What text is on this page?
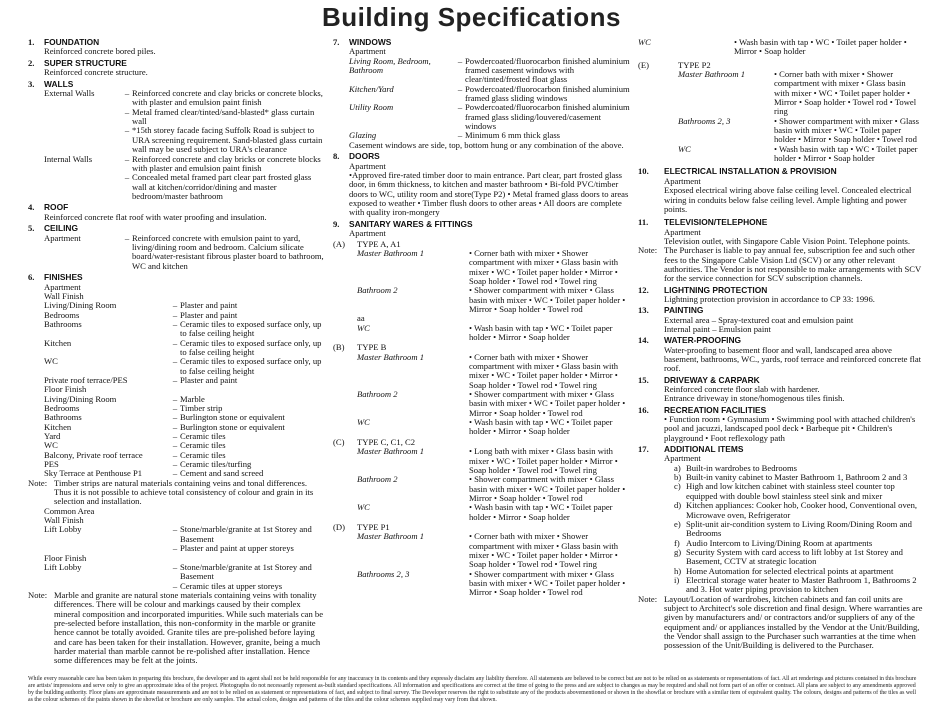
Building Specifications
1.	FOUNDATION
Reinforced concrete bored piles.
2.	SUPER STRUCTURE
Reinforced concrete structure.
3.	WALLS
External Walls	– Reinforced concrete and clay bricks or concrete blocks, with plaster and emulsion paint finish
– Metal framed clear/tinted/sand-blasted* glass curtain wall
– *15th storey facade facing Suffolk Road is subject to URA screening requirement. Sand-blasted glass curtain wall may be used subject to URA's clearance
Internal Walls	– Reinforced concrete and clay bricks or concrete blocks with plaster and emulsion paint finish
– Concealed metal framed part clear part frosted glass wall at kitchen/corridor/dining and master bedroom/master bathroom
4.	ROOF
Reinforced concrete flat roof with water proofing and insulation.
5.	CEILING
Apartment	– Reinforced concrete with emulsion paint to yard, living/dining room and bedroom. Calcium silicate board/water-resistant fibrous plaster board to bathroom, WC and kitchen
6.	FINISHES
Apartment
Wall Finish
Living/Dining Room	– Plaster and paint
Bedrooms	– Plaster and paint
Bathrooms	– Ceramic tiles to exposed surface only, up to false ceiling height
Kitchen	– Ceramic tiles to exposed surface only, up to false ceiling height
WC	– Ceramic tiles to exposed surface only, up to false ceiling height
Private roof terrace/PES	– Plaster and paint
Floor Finish
Living/Dining Room	– Marble
Bedrooms	– Timber strip
Bathrooms	– Burlington stone or equivalent
Kitchen	– Burlington stone or equivalent
Yard	– Ceramic tiles
WC	– Ceramic tiles
Balcony, Private roof terrace	– Ceramic tiles
PES	– Ceramic tiles/turfing
Sky Terrace at Penthouse P1	– Cement and sand screed
Note: Timber strips are natural materials containing veins and tonal differences. Thus it is not possible to achieve total consistency of colour and grain in its selection and installation.
Common Area
Wall Finish
Lift Lobby	– Stone/marble/granite at 1st Storey and Basement
– Plaster and paint at upper storeys
Floor Finish
Lift Lobby	– Stone/marble/granite at 1st Storey and Basement
– Ceramic tiles at upper storeys
Note: Marble and granite are natural stone materials containing veins with tonality differences. There will be colour and markings caused by their complex mineral composition and incorporated impurities. While such materials can be pre-selected before installation, this non-conformity in the marble or granite hence cannot be totally avoided. Granite tiles are pre-polished before laying and care has been taken for their installation. However, granite, being a much harder material than marble cannot be re-polished after installation. Hence some differences may be felt at the joints.
7.	WINDOWS
Apartment
Living Room, Bedroom, Bathroom
– Powdercoated/fluorocarbon finished aluminium framed casement windows with clear/tinted/frosted float glass
Kitchen/Yard	– Powdercoated/fluorocarbon finished aluminium framed glass sliding windows
Utility Room	– Powdercoated/fluorocarbon finished aluminium framed glass sliding/louvered/casement windows
Glazing	– Minimum 6 mm thick glass
Casement windows are side, top, bottom hung or any combination of the above.
8.	DOORS
Apartment
•Approved fire-rated timber door to main entrance. Part clear, part frosted glass door, in 6mm thickness, to kitchen and master bathroom • Bi-fold PVC/timber doors to WC, utility room and store(Type P2) • Metal framed glass doors to areas exposed to weather • Timber flush doors to other areas • All doors are complete with quality iron-mongery
9.	SANITARY WARES & FITTINGS
Apartment
(A)	TYPE A, A1
Master Bathroom 1	• Corner bath with mixer • Shower compartment with mixer • Glass basin with mixer • WC • Toilet paper holder • Mirror • Soap holder • Towel rod • Towel ring
Bathroom 2	• Shower compartment with mixer • Glass basin with mixer • WC • Toilet paper holder • Mirror • Soap holder • Towel rod
aa
WC	• Wash basin with tap • WC • Toilet paper holder • Mirror • Soap holder
(B)	TYPE B
Master Bathroom 1	• Corner bath with mixer • Shower compartment with mixer • Glass basin with mixer • WC • Toilet paper holder • Mirror • Soap holder • Towel rod • Towel ring
Bathroom 2	• Shower compartment with mixer • Glass basin with mixer • WC • Toilet paper holder • Mirror • Soap holder • Towel rod
WC	• Wash basin with tap • WC • Toilet paper holder • Mirror • Soap holder
(C)	TYPE C, C1, C2
Master Bathroom 1	• Long bath with mixer • Glass basin with mixer • WC • Toilet paper holder • Mirror • Soap holder • Towel rod • Towel ring
Bathroom 2	• Shower compartment with mixer • Glass basin with mixer • WC • Toilet paper holder • Mirror • Soap holder • Towel rod
WC	• Wash basin with tap • WC • Toilet paper holder • Mirror • Soap holder
(D)	TYPE P1
Master Bathroom 1	• Corner bath with mixer • Shower compartment with mixer • Glass basin with mixer • WC • Toilet paper holder • Mirror • Soap holder • Towel rod • Towel ring
Bathrooms 2, 3	• Shower compartment with mixer • Glass basin with mixer • WC • Toilet paper holder • Mirror • Soap holder • Towel rod
WC	• Wash basin with tap • WC • Toilet paper holder • Mirror • Soap holder
(E)	TYPE P2
Master Bathroom 1	• Corner bath with mixer • Shower compartment with mixer • Glass basin with mixer • WC • Toilet paper holder • Mirror • Soap holder • Towel rod • Towel ring
Bathrooms 2, 3	• Shower compartment with mixer • Glass basin with mixer • WC • Toilet paper holder • Mirror • Soap holder • Towel rod
WC	• Wash basin with tap • WC • Toilet paper holder • Mirror • Soap holder
10.	ELECTRICAL INSTALLATION & PROVISION
Apartment
Exposed electrical wiring above false ceiling level. Concealed electrical wiring in conduits below false ceiling level. Ample lighting and power points.
11.	TELEVISION/TELEPHONE
Apartment
Television outlet, with Singapore Cable Vision Point. Telephone points.
Note: The Purchaser is liable to pay annual fee, subscription fee and such other fees to the Singapore Cable Vision Ltd (SCV) or any other relevant authorities. The Vendor is not responsible to make arrangements with SCV for the service connection for SCV subscription channels.
12.	LIGHTNING PROTECTION
Lightning protection provision in accordance to CP 33: 1996.
13.	PAINTING
External area – Spray-textured coat and emulsion paint
Internal paint – Emulsion paint
14.	WATER-PROOFING
Water-proofing to basement floor and wall, landscaped area above basement, bathrooms, WC., yards, roof terrace and reinforced concrete flat roof.
15.	DRIVEWAY & CARPARK
Reinforced concrete floor slab with hardener.
Entrance driveway in stone/homogenous tiles finish.
16.	RECREATION FACILITIES
• Function room • Gymnasium • Swimming pool with attached children's pool and jacuzzi, landscaped pool deck • Barbeque pit • Children's playground • Foot reflexology path
17.	ADDITIONAL ITEMS
Apartment
a) Built-in wardrobes to Bedrooms
b) Built-in vanity cabinet to Master Bathroom 1, Bathroom 2 and 3
c) High and low kitchen cabinet with stainless steel counter top equipped with double bowl stainless steel sink and mixer
d) Kitchen appliances: Cooker hob, Cooker hood, Conventional oven, Microwave oven, Refrigerator
e) Split-unit air-condition system to Living Room/Dining Room and Bedrooms
f) Audio Intercom to Living/Dining Room at apartments
g) Security System with card access to lift lobby at 1st Storey and Basement, CCTV at strategic location
h) Home Automation for selected electrical points at apartment
i) Electrical storage water heater to Master Bathroom 1, Bathrooms 2 and 3. Hot water piping provision to kitchen
Note: Layout/Location of wardrobes, kitchen cabinets and fan coil units are subject to Architect's sole discretion and final design. Where warranties are given by manufacturers and/ or contractors and/or suppliers of any of the equipment and/ or appliances installed by the Vendor at the Unit/Building, the Vendor shall assign to the Purchaser such warranties at the time when possession of the Unit/Building is delivered to the Purchaser.
While every reasonable care has been taken in preparing this brochure, the developer and its agent shall not be held responsible for any inaccuracy in its contents and they expressly disclaim any liability therefore. All statements are believed to be correct but are not to be relied on as statements or representations of fact. All art renderings and pictures contained in this brochure are artists' impressions and serve only to give an approximate idea of the project. Photographs do not necessarily represent as-built standard specifications. All information and specifications are correct at the time of going to the press and are subject to changes as may be required and shall not form part of an offer or contract. All plans are subject to any amendments approved by the building authority. Floor plans are approximate measurements and are not to be relied on as statement or representations of fact, and subject to final survey. The Developer reserves the right to substitute any of the products abovementioned or shown in the showflat or brochure with a similar item of equivalent quality. The colours, designs and patterns of the tiles as well as the colour schemes of the paints shown in the showflat or brochure are only samples. The actual colors, designs and patterns of the tiles and the colour schemes supplied may vary from that shown.
